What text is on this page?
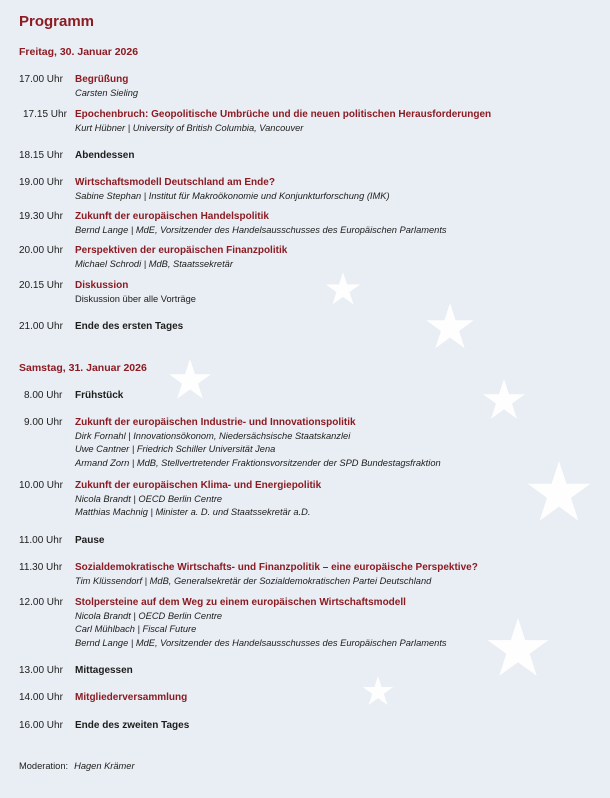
Programm
Freitag, 30. Januar 2026
17.00 Uhr Begrüßung
Carsten Sieling
17.15 Uhr Epochenbruch: Geopolitische Umbrüche und die neuen politischen Herausforderungen
Kurt Hübner | University of British Columbia, Vancouver
18.15 Uhr Abendessen
19.00 Uhr Wirtschaftsmodell Deutschland am Ende?
Sabine Stephan | Institut für Makroökonomie und Konjunkturforschung (IMK)
19.30 Uhr Zukunft der europäischen Handelspolitik
Bernd Lange | MdE, Vorsitzender des Handelsausschusses des Europäischen Parlaments
20.00 Uhr Perspektiven der europäischen Finanzpolitik
Michael Schrodi | MdB, Staatssekretär
20.15 Uhr Diskussion
Diskussion über alle Vorträge
21.00 Uhr Ende des ersten Tages
Samstag, 31. Januar 2026
8.00 Uhr	Frühstück
9.00 Uhr	Zukunft der europäischen Industrie- und Innovationspolitik
Dirk Fornahl | Innovationsökonom, Niedersächsische Staatskanzlei
Uwe Cantner | Friedrich Schiller Universität Jena
Armand Zorn | MdB, Stellvertretender Fraktionsvorsitzender der SPD Bundestagsfraktion
10.00 Uhr Zukunft der europäischen Klima- und Energiepolitik
Nicola Brandt | OECD Berlin Centre
Matthias Machnig | Minister a. D. und Staatssekretär a.D.
11.00 Uhr Pause
11.30 Uhr Sozialdemokratische Wirtschafts- und Finanzpolitik – eine europäische Perspektive?
Tim Klüssendorf | MdB, Generalsekretär der Sozialdemokratischen Partei Deutschland
12.00 Uhr Stolpersteine auf dem Weg zu einem europäischen Wirtschaftsmodell
Nicola Brandt | OECD Berlin Centre
Carl Mühlbach | Fiscal Future
Bernd Lange | MdE, Vorsitzender des Handelsausschusses des Europäischen Parlaments
13.00 Uhr Mittagessen
14.00 Uhr Mitgliederversammlung
16.00 Uhr Ende des zweiten Tages
Moderation: Hagen Krämer
